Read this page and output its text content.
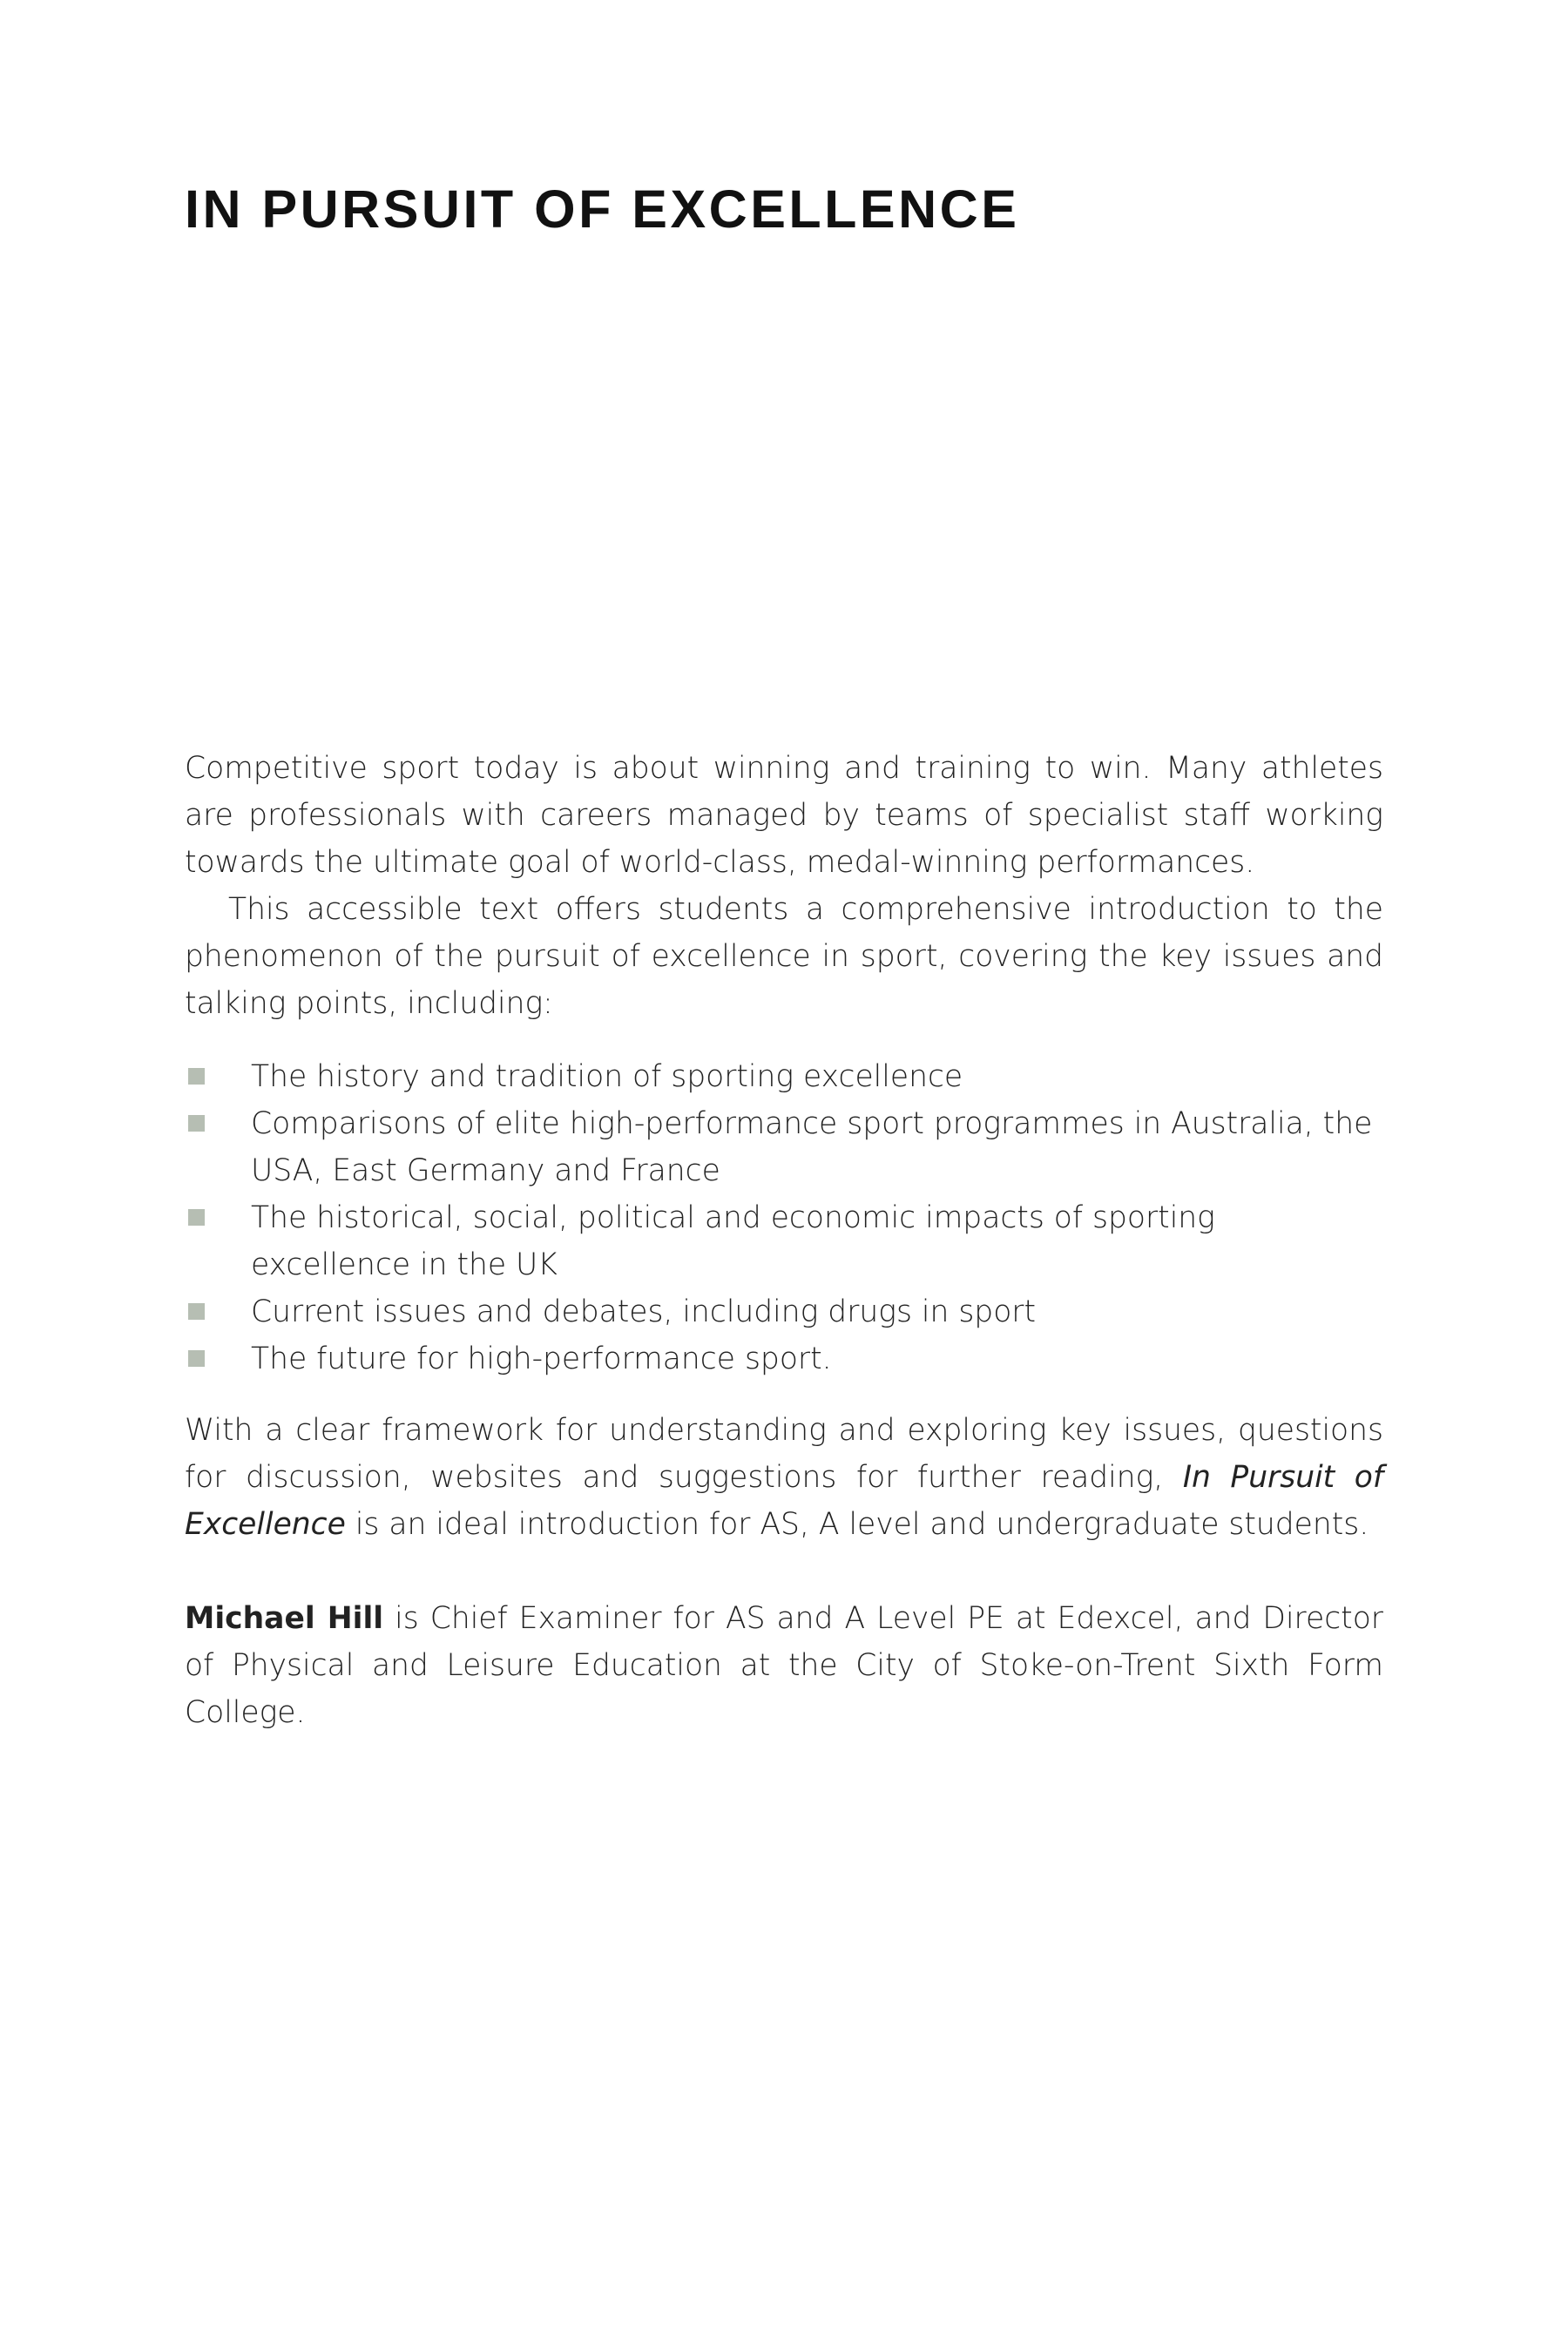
IN PURSUIT OF EXCELLENCE

Competitive sport today is about winning and training to win. Many athletes are professionals with careers managed by teams of specialist staff working towards the ultimate goal of world-class, medal-winning performances.

This accessible text offers students a comprehensive introduction to the phenomenon of the pursuit of excellence in sport, covering the key issues and talking points, including:

The history and tradition of sporting excellence
Comparisons of elite high-performance sport programmes in Australia, the USA, East Germany and France
The historical, social, political and economic impacts of sporting excellence in the UK
Current issues and debates, including drugs in sport
The future for high-performance sport.

With a clear framework for understanding and exploring key issues, questions for discussion, websites and suggestions for further reading, In Pursuit of Excellence is an ideal introduction for AS, A level and undergraduate students.

Michael Hill is Chief Examiner for AS and A Level PE at Edexcel, and Director of Physical and Leisure Education at the City of Stoke-on-Trent Sixth Form College.
